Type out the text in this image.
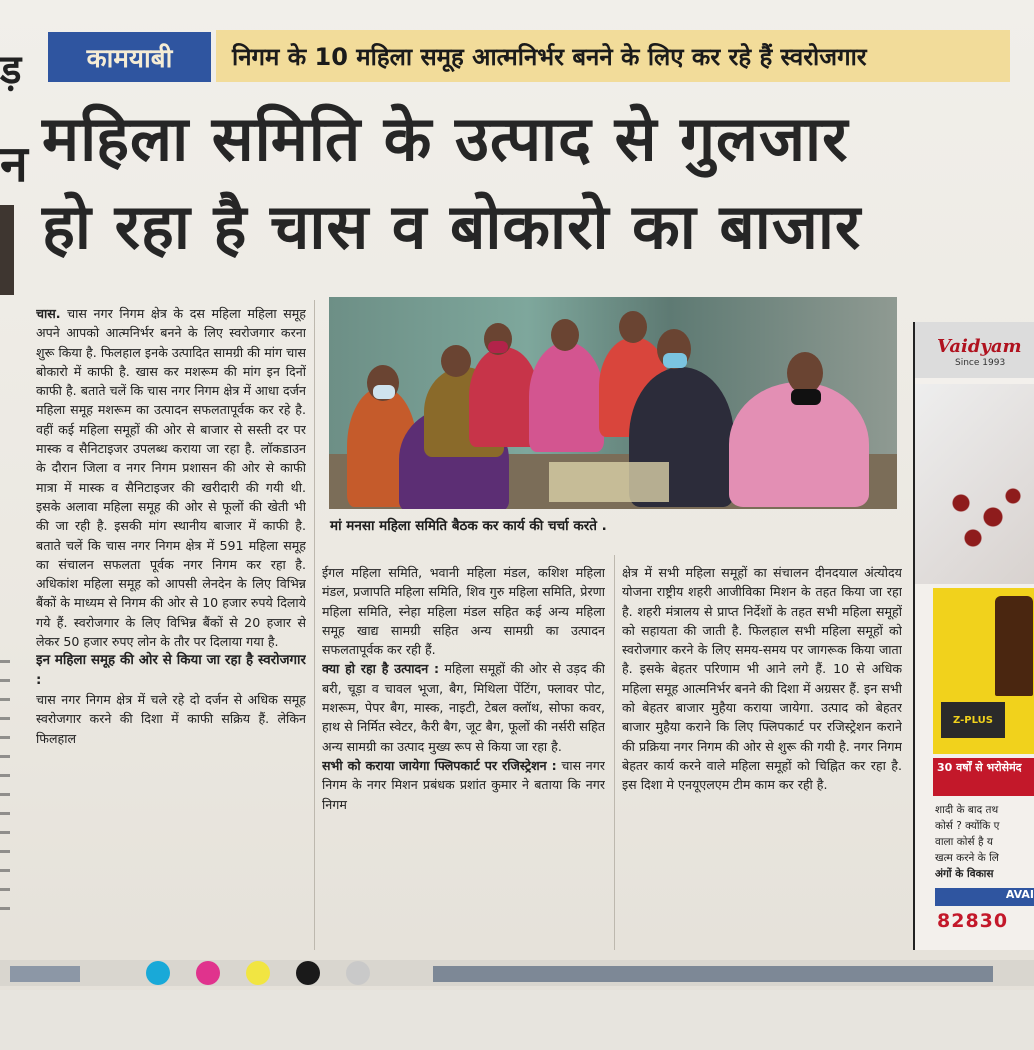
ड़
न
कामयाबी	निगम के 10 महिला समूह आत्मनिर्भर बनने के लिए कर रहे हैं स्वरोजगार
महिला समिति के उत्पाद से गुलजार
हो रहा है चास व बोकारो का बाजार

चास. चास नगर निगम क्षेत्र के दस महिला महिला समूह अपने आपको आत्मनिर्भर बनने के लिए स्वरोजगार करना शुरू किया है. फिलहाल इनके उत्पादित सामग्री की मांग चास बोकारो में काफी है. खास कर मशरूम की मांग इन दिनों काफी है. बताते चलें कि चास नगर निगम क्षेत्र में आधा दर्जन महिला समूह मशरूम का उत्पादन सफलतापूर्वक कर रहे है. वहीं कई महिला समूहों की ओर से बाजार से सस्ती दर पर मास्क व सैनिटाइजर उपलब्ध कराया जा रहा है. लॉकडाउन के दौरान जिला व नगर निगम प्रशासन की ओर से काफी मात्रा में मास्क व सैनिटाइजर की खरीदारी की गयी थी. इसके अलावा महिला समूह की ओर से फूलों की खेती भी की जा रही है. इसकी मांग स्थानीय बाजार में काफी है. बताते चलें कि चास नगर निगम क्षेत्र में 591 महिला समूह का संचालन सफलता पूर्वक नगर निगम कर रहा है. अधिकांश महिला समूह को आपसी लेनदेन के लिए विभिन्न बैंकों के माध्यम से निगम की ओर से 10 हजार रुपये दिलाये गये हैं. स्वरोजगार के लिए विभिन्न बैंकों से 20 हजार से लेकर 50 हजार रुपए लोन के तौर पर दिलाया गया है.

इन महिला समूह की ओर से किया जा रहा है स्वरोजगार :

चास नगर निगम क्षेत्र में चले रहे दो दर्जन से अधिक समूह स्वरोजगार करने की दिशा में काफी सक्रिय हैं. लेकिन फिलहाल

मां मनसा महिला समिति बैठक कर कार्य की चर्चा करते .

ईगल महिला समिति, भवानी महिला मंडल, कशिश महिला मंडल, प्रजापति महिला समिति, शिव गुरु महिला समिति, प्रेरणा महिला समिति, स्नेहा महिला मंडल सहित कई अन्य महिला समूह खाद्य सामग्री सहित अन्य सामग्री का उत्पादन सफलतापूर्वक कर रही हैं.

क्या हो रहा है उत्पादन : महिला समूहों की ओर से उड़द की बरी, चूड़ा व चावल भूजा, बैग, मिथिला पेंटिंग, फ्लावर पोट, मशरूम, पेपर बैग, मास्क, नाइटी, टेबल क्लॉथ, सोफा कवर, हाथ से निर्मित स्वेटर, कैरी बैग, जूट बैग, फूलों की नर्सरी सहित अन्य सामग्री का उत्पाद मुख्य रूप से किया जा रहा है.

सभी को कराया जायेगा फ्लिपकार्ट पर रजिस्ट्रेशन : चास नगर निगम के नगर मिशन प्रबंधक प्रशांत कुमार ने बताया कि नगर निगम

क्षेत्र में सभी महिला समूहों का संचालन दीनदयाल अंत्योदय योजना राष्ट्रीय शहरी आजीविका मिशन के तहत किया जा रहा है. शहरी मंत्रालय से प्राप्त निर्देशों के तहत सभी महिला समूहों को सहायता की जाती है. फिलहाल सभी महिला समूहों को स्वरोजगार करने के लिए समय-समय पर जागरूक किया जाता है. इसके बेहतर परिणाम भी आने लगे हैं. 10 से अधिक महिला समूह आत्मनिर्भर बनने की दिशा में अग्रसर हैं. इन सभी को बेहतर बाजार मुहैया कराया जायेगा. उत्पाद को बेहतर बाजार मुहैया कराने कि लिए फ्लिपकार्ट पर रजिस्ट्रेशन कराने की प्रक्रिया नगर निगम की ओर से शुरू की गयी है. नगर निगम बेहतर कार्य करने वाले महिला समूहों को चिह्नित कर रहा है. इस दिशा मे एनयूएलएम टीम काम कर रही है.

Vaidyam
Since 1993
Z-PLUS
30 वर्षों से भरोसेमंद
शादी के बाद तथ
कोर्स ? क्योंकि ए
वाला कोर्स है य
खत्म करने के लि
अंगों के विकास
AVAI
82830
